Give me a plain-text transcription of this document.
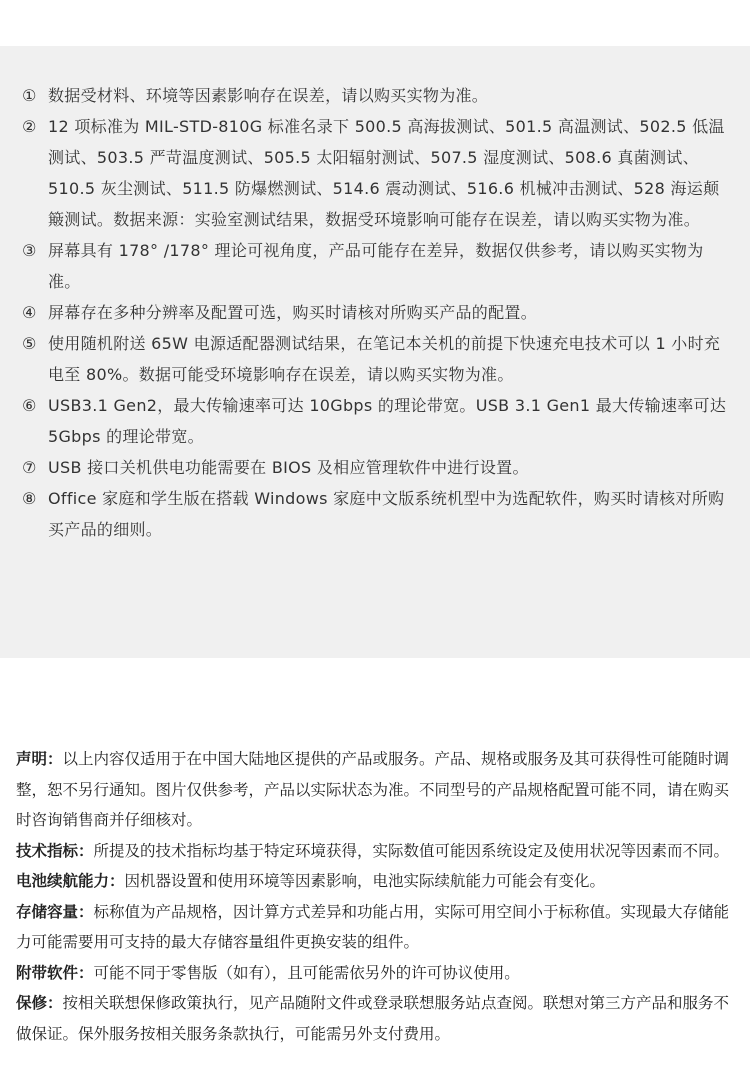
① 数据受材料、环境等因素影响存在误差，请以购买实物为准。
② 12 项标准为 MIL-STD-810G 标准名录下 500.5 高海拔测试、501.5 高温测试、502.5 低温测试、503.5 严苛温度测试、505.5 太阳辐射测试、507.5 湿度测试、508.6 真菌测试、510.5 灰尘测试、511.5 防爆燃测试、514.6 震动测试、516.6 机械冲击测试、528 海运颠簸测试。数据来源：实验室测试结果，数据受环境影响可能存在误差，请以购买实物为准。
③ 屏幕具有 178° /178° 理论可视角度，产品可能存在差异，数据仅供参考，请以购买实物为准。
④ 屏幕存在多种分辨率及配置可选，购买时请核对所购买产品的配置。
⑤ 使用随机附送 65W 电源适配器测试结果，在笔记本关机的前提下快速充电技术可以 1 小时充电至 80%。数据可能受环境影响存在误差，请以购买实物为准。
⑥ USB3.1 Gen2，最大传输速率可达 10Gbps 的理论带宽。USB 3.1 Gen1 最大传输速率可达 5Gbps 的理论带宽。
⑦ USB 接口关机供电功能需要在 BIOS 及相应管理软件中进行设置。
⑧ Office 家庭和学生版在搭载 Windows 家庭中文版系统机型中为选配软件，购买时请核对所购买产品的细则。

声明：以上内容仅适用于在中国大陆地区提供的产品或服务。产品、规格或服务及其可获得性可能随时调整，恕不另行通知。图片仅供参考，产品以实际状态为准。不同型号的产品规格配置可能不同，请在购买时咨询销售商并仔细核对。

技术指标：所提及的技术指标均基于特定环境获得，实际数值可能因系统设定及使用状况等因素而不同。

电池续航能力：因机器设置和使用环境等因素影响，电池实际续航能力可能会有变化。

存储容量：标称值为产品规格，因计算方式差异和功能占用，实际可用空间小于标称值。实现最大存储能力可能需要用可支持的最大存储容量组件更换安装的组件。

附带软件：可能不同于零售版（如有），且可能需依另外的许可协议使用。

保修：按相关联想保修政策执行，见产品随附文件或登录联想服务站点查阅。联想对第三方产品和服务不做保证。保外服务按相关服务条款执行，可能需另外支付费用。
